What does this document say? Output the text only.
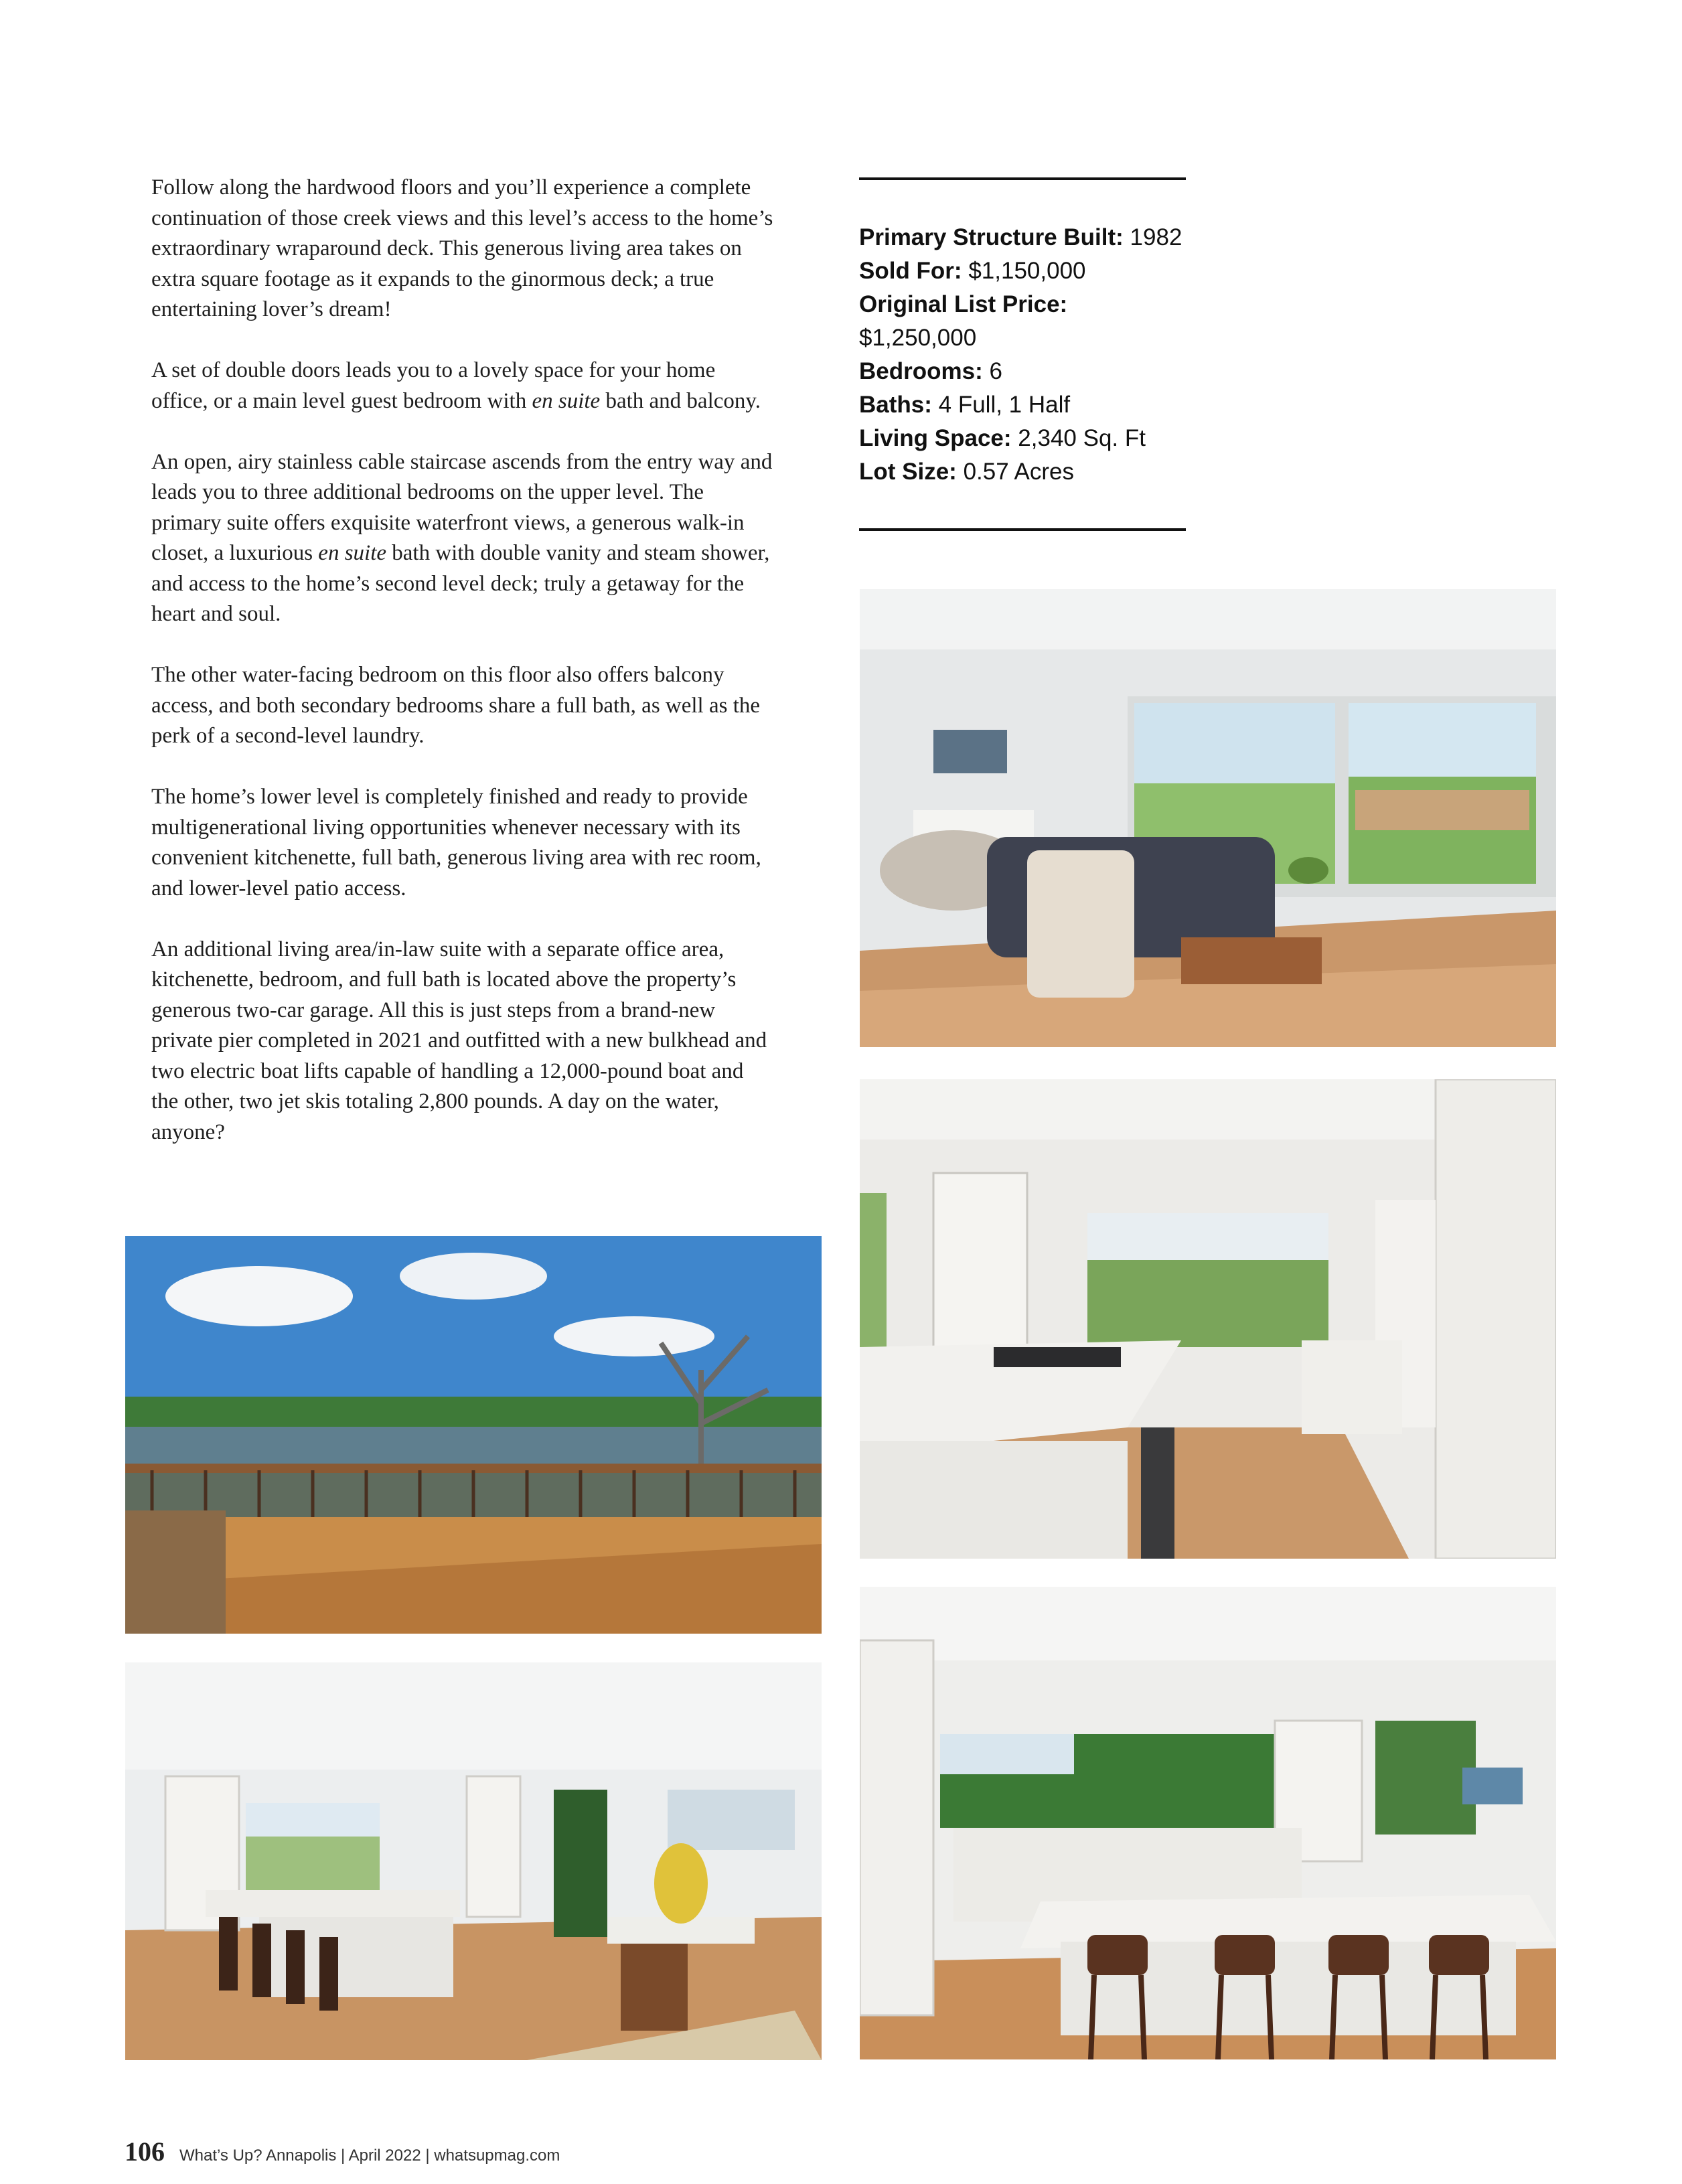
Follow along the hardwood floors and you’ll experience a complete continuation of those creek views and this level’s access to the home’s extraordinary wraparound deck. This generous living area takes on extra square footage as it expands to the ginormous deck; a true entertaining lover’s dream!

A set of double doors leads you to a lovely space for your home office, or a main level guest bedroom with en suite bath and balcony.

An open, airy stainless cable staircase ascends from the entry way and leads you to three additional bedrooms on the upper level. The primary suite offers exquisite waterfront views, a generous walk-in closet, a luxurious en suite bath with double vanity and steam shower, and access to the home’s second level deck; truly a getaway for the heart and soul.

The other water-facing bedroom on this floor also offers balcony access, and both secondary bedrooms share a full bath, as well as the perk of a second-level laundry.

The home’s lower level is completely finished and ready to provide multigenerational living opportunities whenever necessary with its convenient kitchenette, full bath, generous living area with rec room, and lower-level patio access.

An additional living area/in-law suite with a separate office area, kitchenette, bedroom, and full bath is located above the property’s generous two-car garage. All this is just steps from a brand-new private pier completed in 2021 and outfitted with a new bulkhead and two electric boat lifts capable of handling a 12,000-pound boat and the other, two jet skis totaling 2,800 pounds. A day on the water, anyone?

Primary Structure Built: 1982
Sold For: $1,150,000
Original List Price:
$1,250,000
Bedrooms: 6
Baths: 4 Full, 1 Half
Living Space: 2,340 Sq. Ft
Lot Size: 0.57 Acres
106 What’s Up? Annapolis | April 2022 | whatsupmag.com
